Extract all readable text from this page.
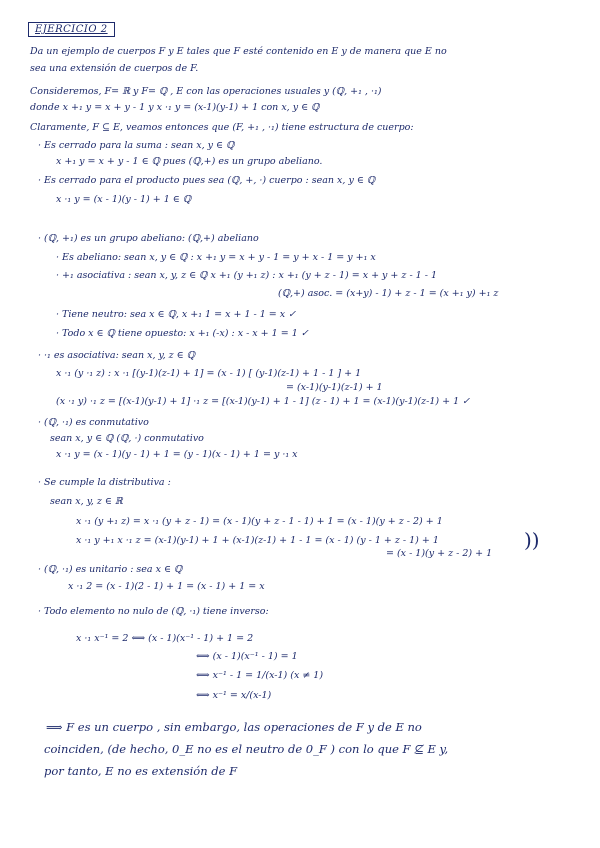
EJERCICIO 2
Da un ejemplo de cuerpos F y E tales que F esté contenido en E y de manera que E no
sea una extensión de cuerpos de F.
Consideremos, F= ℝ y F= ℚ , E con las operaciones usuales y (ℚ, +₁ , ·₁)
donde x +₁ y = x + y - 1 y x ·₁ y = (x-1)(y-1) + 1 con x, y ∈ ℚ
Claramente, F ⊆ E, veamos entonces que (F, +₁ , ·₁) tiene estructura de cuerpo:
· Es cerrado para la suma : sean x, y ∈ ℚ
x +₁ y = x + y - 1 ∈ ℚ pues (ℚ,+) es un grupo abeliano.
· Es cerrado para el producto pues sea (ℚ, +, ·) cuerpo : sean x, y ∈ ℚ
x ·₁ y = (x - 1)(y - 1) + 1 ∈ ℚ
· (ℚ, +₁) es un grupo abeliano: (ℚ,+) abeliano
· Es abeliano: sean x, y ∈ ℚ : x +₁ y = x + y - 1 = y + x - 1 = y +₁ x
· +₁ asociativa : sean x, y, z ∈ ℚ x +₁ (y +₁ z) : x +₁ (y + z - 1) = x + y + z - 1 - 1
(ℚ,+) asoc. = (x+y) - 1) + z - 1 = (x +₁ y) +₁ z
· Tiene neutro: sea x ∈ ℚ, x +₁ 1 = x + 1 - 1 = x ✓
· Todo x ∈ ℚ tiene opuesto: x +₁ (-x) : x - x + 1 = 1 ✓
· ·₁ es asociativa: sean x, y, z ∈ ℚ
x ·₁ (y ·₁ z) : x ·₁ [(y-1)(z-1) + 1] = (x - 1) [ (y-1)(z-1) + 1 - 1 ] + 1
= (x-1)(y-1)(z-1) + 1
(x ·₁ y) ·₁ z = [(x-1)(y-1) + 1] ·₁ z = [(x-1)(y-1) + 1 - 1] (z - 1) + 1 = (x-1)(y-1)(z-1) + 1 ✓
· (ℚ, ·₁) es conmutativo
sean x, y ∈ ℚ (ℚ, ·) conmutativo
x ·₁ y = (x - 1)(y - 1) + 1 = (y - 1)(x - 1) + 1 = y ·₁ x
· Se cumple la distributiva :
sean x, y, z ∈ ℝ
x ·₁ (y +₁ z) = x ·₁ (y + z - 1) = (x - 1)(y + z - 1 - 1) + 1 = (x - 1)(y + z - 2) + 1
x ·₁ y +₁ x ·₁ z = (x-1)(y-1) + 1 + (x-1)(z-1) + 1 - 1 = (x - 1) (y - 1 + z - 1) + 1
= (x - 1)(y + z - 2) + 1
))
· (ℚ, ·₁) es unitario : sea x ∈ ℚ
x ·₁ 2 = (x - 1)(2 - 1) + 1 = (x - 1) + 1 = x
· Todo elemento no nulo de (ℚ, ·₁) tiene inverso:
x ·₁ x⁻¹ = 2 ⟺ (x - 1)(x⁻¹ - 1) + 1 = 2
⟺ (x - 1)(x⁻¹ - 1) = 1
⟺ x⁻¹ - 1 = 1/(x-1) (x ≠ 1)
⟺ x⁻¹ = x/(x-1)
⟹ F es un cuerpo , sin embargo, las operaciones de F y de E no
coinciden, (de hecho, 0_E no es el neutro de 0_F ) con lo que F ⊈ E y,
por tanto, E no es extensión de F
